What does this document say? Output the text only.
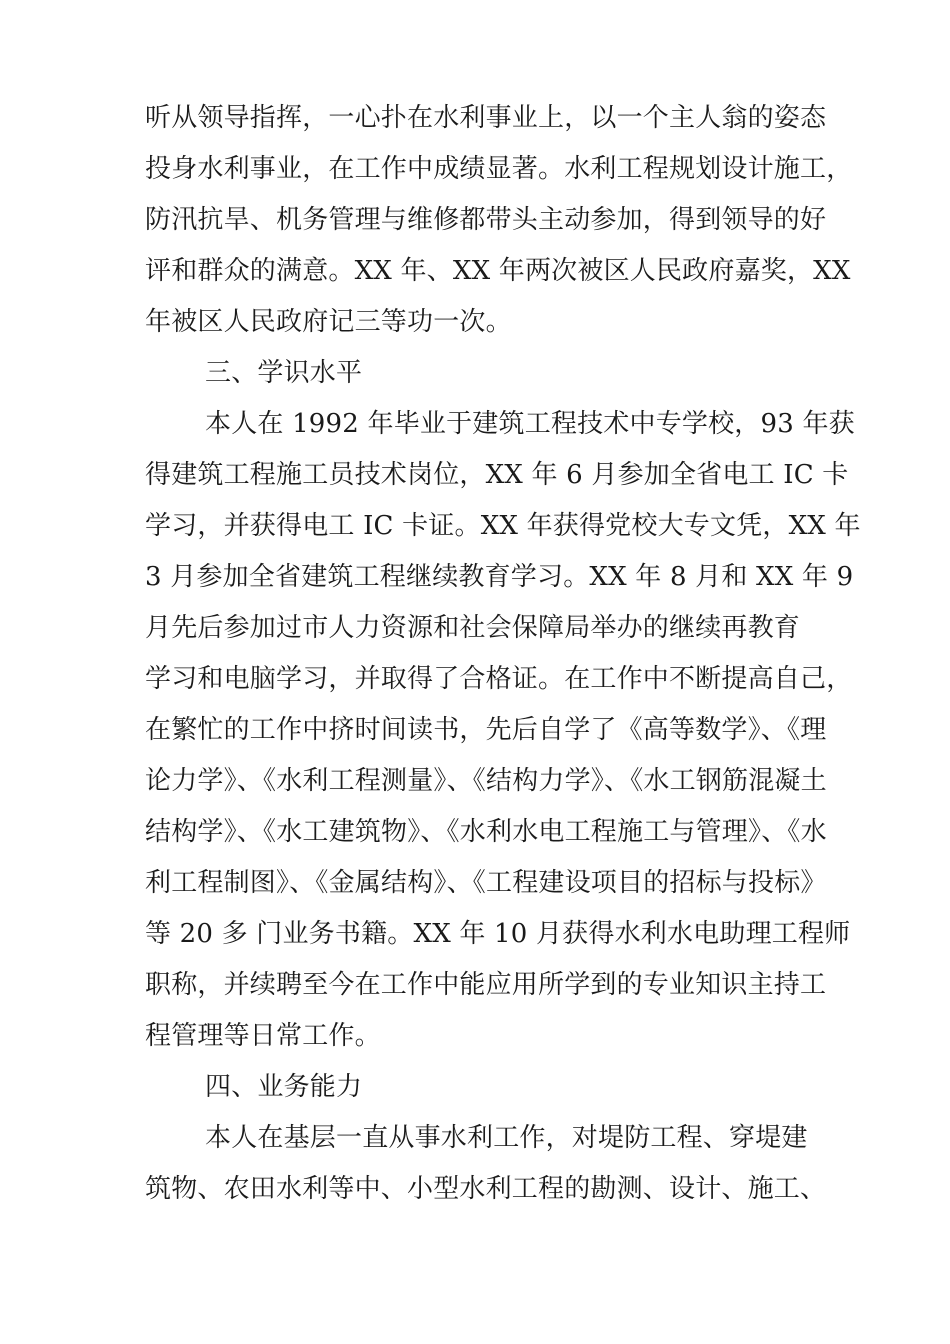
听从领导指挥，一心扑在水利事业上，以一个主人翁的姿态
投身水利事业，在工作中成绩显著。水利工程规划设计施工，
防汛抗旱、机务管理与维修都带头主动参加，得到领导的好
评和群众的满意。XX 年、XX 年两次被区人民政府嘉奖，XX
年被区人民政府记三等功一次。
三、学识水平
本人在 1992 年毕业于建筑工程技术中专学校，93 年获
得建筑工程施工员技术岗位，XX 年 6 月参加全省电工 IC 卡
学习，并获得电工 IC 卡证。XX 年获得党校大专文凭，XX 年
3 月参加全省建筑工程继续教育学习。XX 年 8 月和 XX 年 9
月先后参加过市人力资源和社会保障局举办的继续再教育
学习和电脑学习，并取得了合格证。在工作中不断提高自己，
在繁忙的工作中挤时间读书，先后自学了《高等数学》、《理
论力学》、《水利工程测量》、《结构力学》、《水工钢筋混凝土
结构学》、《水工建筑物》、《水利水电工程施工与管理》、《水
利工程制图》、《金属结构》、《工程建设项目的招标与投标》
等 20 多 门业务书籍。XX 年 10 月获得水利水电助理工程师
职称，并续聘至今在工作中能应用所学到的专业知识主持工
程管理等日常工作。
四、业务能力
本人在基层一直从事水利工作，对堤防工程、穿堤建
筑物、农田水利等中、小型水利工程的勘测、设计、施工、
